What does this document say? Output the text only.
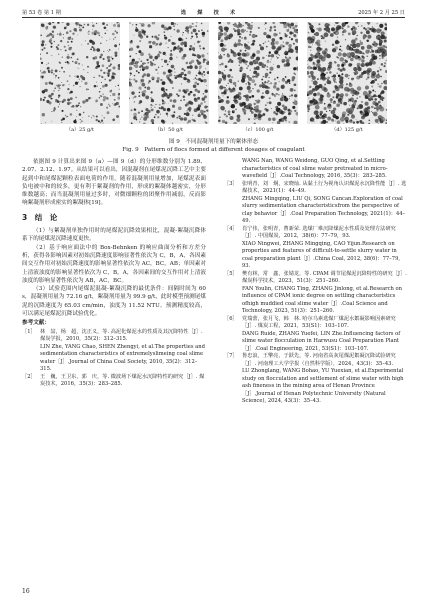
第 53 卷 第 1 期	选　煤　技　术	2025 年 2 月 25 日
（a）25 g/t	（b）50 g/t	（c）100 g/t	（d）125 g/t
图 9　不同混凝剂用量下的絮体形态
Fig. 9　Pattern of flocs formed at different dosages of coagulant

依据图 9 计算出来图 9（a）—图 9（d）的分形维数分别为 1.89、2.07、2.12、1.97。从结果可以看出，因混凝剂在尾煤泥沉降工艺中主要起到中和尾煤泥颗粒表面电荷的作用，随着混凝剂用量增加，尾煤泥表面负电被中和的较多，更有利于絮凝剂的作用，形成的絮凝体越密实，分形维数越高；而当混凝剂用量过多时，对微细颗粒的团聚作用减弱，反而影响絮凝剂形成密实的絮凝体[19]。

3　结　论

（1）与絮凝剂单独作用时的尾煤泥沉降效果相比，混凝-絮凝沉降体系下的尾煤泥沉降速度更快。

（2）基于响应面法中的 Box-Behnken 的响应曲面分析和方差分析，获得各影响因素对初始沉降速度影响显著性依次为 C，B，A，各因素间交互作用对初始沉降速度的影响显著性依次为 AC，BC，AB；单因素对上清液浊度的影响显著性依次为 C，B，A，各因素间的交互作用对上清液浊度的影响显著性依次为 AB，AC，BC。

（3）试验范围内尾煤泥混凝-絮凝沉降的最优条件：间隔时间为 60 s，混凝剂用量为 72.16 g/t，絮凝剂用量为 99.9 g/t，此时模型预测尾煤泥的沉降速度为 65.03 cm/min，浊度为 11.52 NTU。预测精度较高，可以满足尾煤泥沉降试验优化。

参考文献：
［1］ 林　喆，杨　超，沈正义，等. 高泥化煤泥水的性质及其沉降特性［J］. 煤炭学报，2010，35(2)：312–315.
LIN Zhe, YANG Chao, SHEN Zhengyi, et al.The properties and sedimentation characteristics of extremelyslimeing coal slime water［J］.Journal of China Coal Society, 2010, 35(2)：312–315.
［2］ 王　巍，王卫东，郭　庆，等. 微波场下煤泥水沉降特性的研究［J］. 煤炭技术，2016，35(3)：283–285.
WANG Nan, WANG Weidong, GUO Qing, et al.Settling characteristics of coal slime water pretreated in micro-wavefield［J］.Coal Technology, 2016, 35(3)：283–285.
［3］ 张明青，刘　炯，宋晓灿. 从黏土行为视角认识煤泥水沉降性能［J］. 选煤技术，2021(1)：44–49.
ZHANG Mingqing, LIU Qi, SONG Cancan.Exploration of coal slurry sedimentation characteristicsfrom the perspective of clay behavior［J］.Coal Preparation Technology, 2021(1)：44–49.
［4］ 肖宁伟，张明青，曹新荣. 选煤厂难沉降煤泥水性质及处理方法研究［J］. 中国煤炭，2012，38(6)：77–79，93.
XIAO Ningwei, ZHANG Mingqing, CAO Yijun.Research on properties and features of difficult-to-settle slurry water in coal preparation plant［J］.China Coal, 2012, 38(6)：77–79, 93.
［5］ 樊有林，常　鑫，张婧龙，等. CPAM 调节尾煤泥沉降特性的研究［J］. 煤炭科学技术，2023，51(3)：251–260.
FAN Youlin, CHANG Ting, ZHANG Jinlong, et al.Research on influence of CPAM ionic degree on settling characteristics ofhigh muddied coal slime water［J］.Coal Science and Technology, 2023, 51(3)：251–260.
［6］ 党瑞蕾，张月飞，韩　林. 哈尔乌素选煤厂煤泥水絮凝影响因素研究［J］. 煤炭工程，2021，53(S1)：103–107.
DANG Ruide, ZHANG Yuefei, LIN Zhe.Influencing factors of slime water flocculation in Harwusu Coal Preparation Plant［J］.Coal Engineering, 2021, 53(S1)：103–107.
［7］ 鲁忠浪，王擎亮，于跃先，等. 河南省高灰尾煤泥絮凝沉降试验研究［J］. 河南理工大学学报（自然科学版），2024，43(3)：35–43.
LU Zhonglang, WANG Bohao, YU Yuexian, et al.Experimental study on flocculation and settlement of slime water with high ash fineness in the mining area of Henan Province［J］.Journal of Henan Polytechnic University (Natural Science), 2024, 43(3)：35–43.
16
